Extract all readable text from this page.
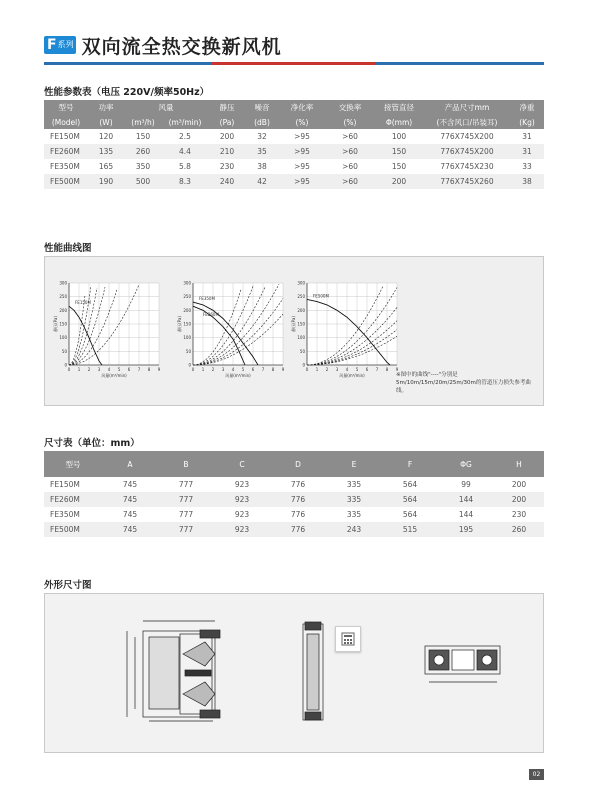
F 系列 双向流全热交换新风机
性能参数表（电压 220V/频率50Hz）
型号	功率	风量		静压	噪音	净化率	交换率	接管直径	产品尺寸mm	净重
(Model)	(W)	(m³/h)	(m³/min)	(Pa)	(dB)	(%)	(%)	Φ(mm)	(不含风口/吊装耳)	(Kg)
FE150M	120	150	2.5	200	32	>95	>60	100	776X745X200	31
FE260M	135	260	4.4	210	35	>95	>60	150	776X745X200	31
FE350M	165	350	5.8	230	38	>95	>60	150	776X745X230	33
FE500M	190	500	8.3	240	42	>95	>60	200	776X745X260	38
性能曲线图
0 1 2 3 4 5 6 7 8 9
0
50
100
150
200
250
300
风量(m³/min)
静压(Pa)
FE150M
0 1 2 3 4 5 6 7 8 9
0
50
100
150
200
250
300
风量(m³/min)
静压(Pa)
FE350M
FE260M
0 1 2 3 4 5 6 7 8 9
0
50
100
150
200
250
300
风量(m³/min)
静压(Pa)
FE500M
※图中的曲线"----"分别是5m/10m/15m/20m/25m/30m的管道压力损失参考曲线。
尺寸表（单位：mm）
型号	A	B	C	D	E	F	ΦG	H
FE150M	745	777	923	776	335	564	99	200
FE260M	745	777	923	776	335	564	144	200
FE350M	745	777	923	776	335	564	144	230
FE500M	745	777	923	776	243	515	195	260
外形尺寸图
02
